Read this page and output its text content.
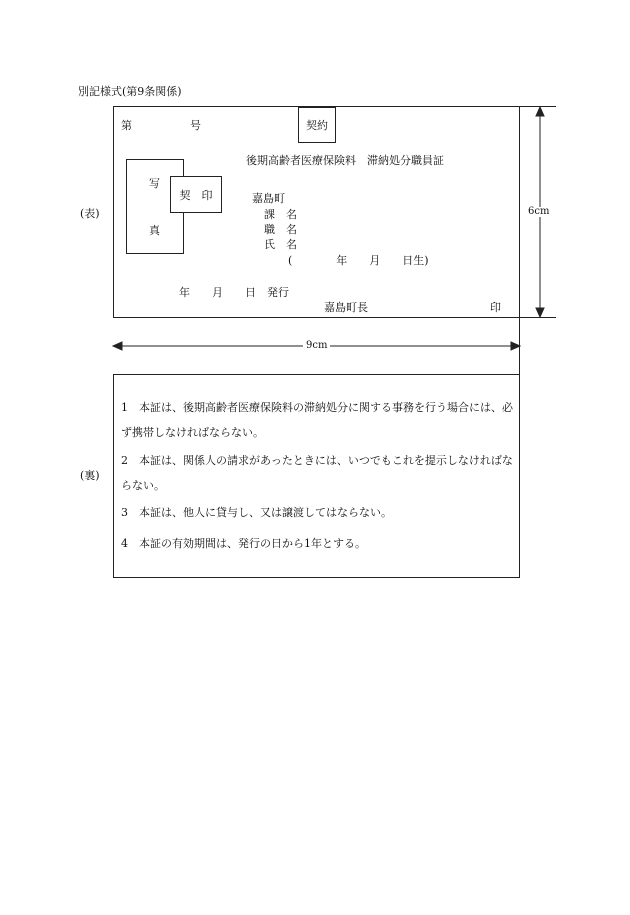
別記様式(第9条関係)
(表)
第	号	契約
後期高齢者医療保険料　滞納処分職員証
写
真
契　印	嘉島町
課　名
職　名
氏　名
(　　　　年　　月　　日生)
年　　月　　日　発行
嘉島町長	印
6cm
9cm
(裏)
1　本証は、後期高齢者医療保険料の滞納処分に関する事務を行う場合には、必ず携帯しなければならない。
2　本証は、関係人の請求があったときには、いつでもこれを提示しなければならない。
3　本証は、他人に貸与し、又は譲渡してはならない。
4　本証の有効期間は、発行の日から1年とする。
